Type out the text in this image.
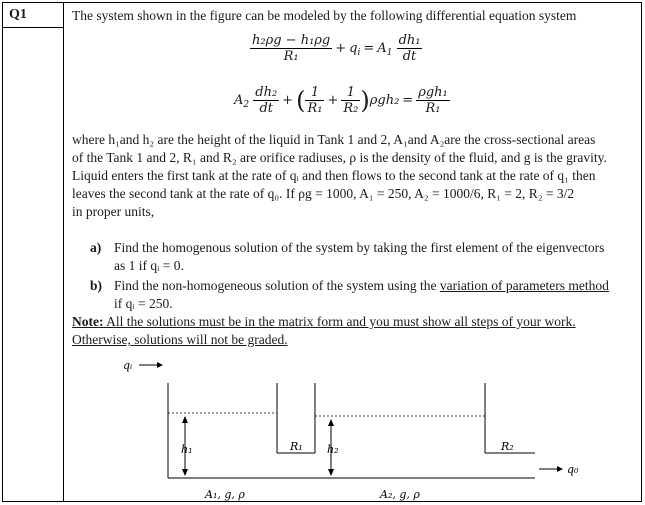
Q1	The system shown in the figure can be modeled by the following differential equation system
$\frac{\text{h₂ρg − h₁ρg}}{\text{R₁}} + q_i = A_1 \frac{\text{dh₁}}{dt}$
$A_2 \frac{\text{dh₂}}{dt}$ + ( $\frac{1}{\text{R₁}} + \frac{1}{\text{R₂}} )\rho gh_2 = \frac{\text{ρgh₁}}{\text{R₁}}$
where h₁and h₂ are the height of the liquid in Tank 1 and 2, A₁and A₂are the cross-sectional areas
of the Tank 1 and 2, R₁ and R₂ are orifice radiuses, ρ is the density of the fluid, and g is the gravity.
Liquid enters the first tank at the rate of qᵢ and then flows to the second tank at the rate of q₁ then
leaves the second tank at the rate of q₀. If ρg = 1000, A₁ = 250, A₂ = 1000/6, R₁ = 2, R₂ = 3/2
in proper units,
a) Find the homogenous solution of the system by taking the first element of the eigenvectors
as 1 if qᵢ = 0.
b) Find the non-homogeneous solution of the system using the variation of parameters method
if qᵢ = 250.
Note: All the solutions must be in the matrix form and you must show all steps of your work.
Otherwise, solutions will not be graded.
qᵢ
h₁	R₁ h₂	R₂
q₀
A₁, g, ρ	A₂, g, ρ
